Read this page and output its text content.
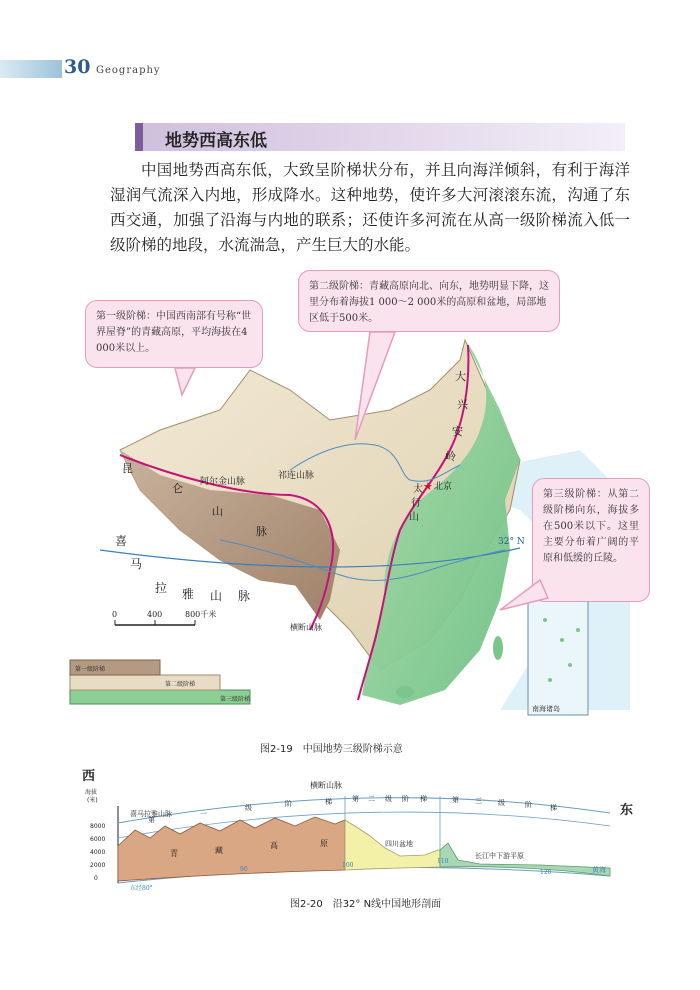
30 Geography
地势西高东低

中国地势西高东低，大致呈阶梯状分布，并且向海洋倾斜，有利于海洋湿润气流深入内地，形成降水。这种地势，使许多大河滚滚东流，沟通了东西交通，加强了沿海与内地的联系；还使许多河流在从高一级阶梯流入低一级阶梯的地段，水流湍急，产生巨大的水能。

32° N
昆
仑
山
脉
阿尔金山脉
祁连山脉
喜
马
拉 雅 山 脉
大
兴
安
岭
太
行
山
★ 北京
横断山脉
南海诸岛
0	400	800千米
第一级阶梯
第二级阶梯
第三级阶梯
第一级阶梯：中国西南部有号称“世界屋脊”的青藏高原，平均海拔在4 000米以上。
第二级阶梯：青藏高原向北、向东，地势明显下降，这里分布着海拔1 000～2 000米的高原和盆地，局部地区低于500米。
第三级阶梯：从第二级阶梯向东，海拔多在500米以下。这里主要分布着广阔的平原和低缓的丘陵。
图2-19　中国地势三级阶梯示意
西
东
海拔
(米)
8000
6000
4000
2000
0
第
一
级	阶	梯	第 二 级 阶 梯	第 三 级	阶	梯
横断山脉
喜马拉雅山脉
青	藏
高	原	四川盆地
长江中下游平原
黄海
东经80°
90
100
110
120
图2-20　沿32° N线中国地形剖面
